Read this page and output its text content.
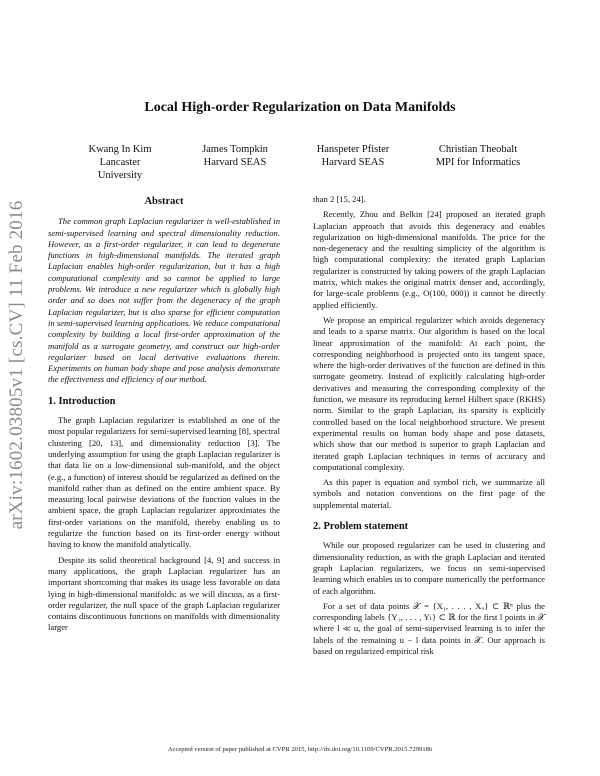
arXiv:1602.03805v1 [cs.CV] 11 Feb 2016
Local High-order Regularization on Data Manifolds
Kwang In Kim
Lancaster University
James Tompkin
Harvard SEAS
Hanspeter Pfister
Harvard SEAS
Christian Theobalt
MPI for Informatics
Abstract

The common graph Laplacian regularizer is well-established in semi-supervised learning and spectral dimensionality reduction. However, as a first-order regularizer, it can lead to degenerate functions in high-dimensional manifolds. The iterated graph Laplacian enables high-order regularization, but it has a high computational complexity and so cannot be applied to large problems. We introduce a new regularizer which is globally high order and so does not suffer from the degeneracy of the graph Laplacian regularizer, but is also sparse for efficient computation in semi-supervised learning applications. We reduce computational complexity by building a local first-order approximation of the manifold as a surrogate geometry, and construct our high-order regularizer based on local derivative evaluations therein. Experiments on human body shape and pose analysis demonstrate the effectiveness and efficiency of our method.

1. Introduction

The graph Laplacian regularizer is established as one of the most popular regularizers for semi-supervised learning [8], spectral clustering [20, 13], and dimensionality reduction [3]. The underlying assumption for using the graph Laplacian regularizer is that data lie on a low-dimensional sub-manifold, and the object (e.g., a function) of interest should be regularized as defined on the manifold rather than as defined on the entire ambient space. By measuring local pairwise deviations of the function values in the ambient space, the graph Laplacian regularizer approximates the first-order variations on the manifold, thereby enabling us to regularize the function based on its first-order energy without having to know the manifold analytically.

Despite its solid theoretical background [4, 9] and success in many applications, the graph Laplacian regularizer has an important shortcoming that makes its usage less favorable on data lying in high-dimensional manifolds: as we will discuss, as a first-order regularizer, the null space of the graph Laplacian regularizer contains discontinuous functions on manifolds with dimensionality larger

than 2 [15, 24].

Recently, Zhou and Belkin [24] proposed an iterated graph Laplacian approach that avoids this degeneracy and enables regularization on high-dimensional manifolds. The price for the non-degeneracy and the resulting simplicity of the algorithm is high computational complexity: the iterated graph Laplacian regularizer is constructed by taking powers of the graph Laplacian matrix, which makes the original matrix denser and, accordingly, for large-scale problems (e.g., O(100, 000)) it cannot be directly applied efficiently.

We propose an empirical regularizer which avoids degeneracy and leads to a sparse matrix. Our algorithm is based on the local linear approximation of the manifold: At each point, the corresponding neighborhood is projected onto its tangent space, where the high-order derivatives of the function are defined in this surrogate geometry. Instead of explicitly calculating high-order derivatives and measuring the corresponding complexity of the function, we measure its reproducing kernel Hilbert space (RKHS) norm. Similar to the graph Laplacian, its sparsity is explicitly controlled based on the local neighborhood structure. We present experimental results on human body shape and pose datasets, which show that our method is superior to graph Laplacian and iterated graph Laplacian techniques in terms of accuracy and computational complexity.

As this paper is equation and symbol rich, we summarize all symbols and notation conventions on the first page of the supplemental material.

2. Problem statement

While our proposed regularizer can be used in clustering and dimensionality reduction, as with the graph Laplacian and iterated graph Laplacian regularizers, we focus on semi-supervised learning which enables us to compare numerically the performance of each algorithm.

For a set of data points 𝒳 = {X₁, . . . , Xᵤ} ⊂ ℝⁿ plus the corresponding labels {Y₁, . . . , Yₗ} ⊂ ℝ for the first l points in 𝒳 where l ≪ u, the goal of semi-supervised learning is to infer the labels of the remaining u − l data points in 𝒳. Our approach is based on regularized empirical risk

Accepted version of paper published at CVPR 2015, http://dx.doi.org/10.1109/CVPR.2015.7299186
